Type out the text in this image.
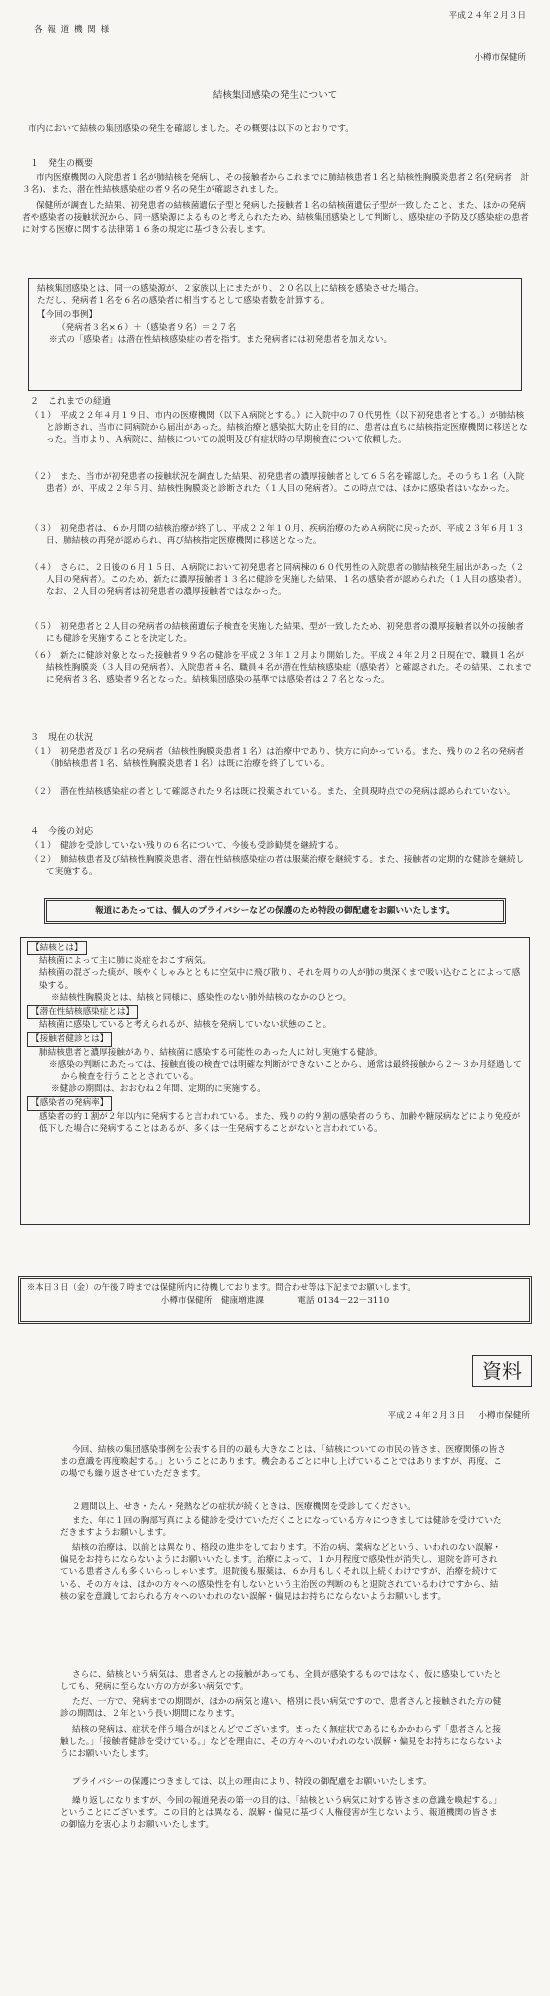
平成２４年２月３日
各 報 道 機 関 様
小樽市保健所
結核集団感染の発生について
市内において結核の集団感染の発生を確認しました。その概要は以下のとおりです。
１　発生の概要
市内医療機関の入院患者１名が肺結核を発病し、その接触者からこれまでに肺結核患者１名と結核性胸膜炎患者２名(発病者　計３名)、また、潜在性結核感染症の者９名の発生が確認されました。
保健所が調査した結果、初発患者の結核菌遺伝子型と発病した接触者１名の結核菌遺伝子型が一致したこと、また、ほかの発病者や感染者の接触状況から、同一感染源によるものと考えられたため、結核集団感染として判断し、感染症の予防及び感染症の患者に対する医療に関する法律第１６条の規定に基づき公表します。
結核集団感染とは、同一の感染源が、２家族以上にまたがり、２０名以上に結核を感染させた場合。
ただし、発病者１名を６名の感染者に相当するとして感染者数を計算する。
【今回の事例】
（発病者３名×６）＋（感染者９名）＝２７名
※式の「感染者」は潜在性結核感染症の者を指す。また発病者には初発患者を加えない。
２　これまでの経過
（１）　平成２２年４月１９日、市内の医療機関（以下Ａ病院とする。）に入院中の７０代男性（以下初発患者とする。）が肺結核と診断され、当市に同病院から届出があった。結核治療と感染拡大防止を目的に、患者は直ちに結核指定医療機関に移送となった。当市より、Ａ病院に、結核についての説明及び有症状時の早期検査について依頼した。
（２）　また、当市が初発患者の接触状況を調査した結果、初発患者の濃厚接触者として６５名を確認した。そのうち１名（入院患者）が、平成２２年５月、結核性胸膜炎と診断された（１人目の発病者）。この時点では、ほかに感染者はいなかった。
（３）　初発患者は、６か月間の結核治療が終了し、平成２２年１０月、疾病治療のためＡ病院に戻ったが、平成２３年６月１３日、肺結核の再発が認められ、再び結核指定医療機関に移送となった。
（４）　さらに、２日後の６月１５日、Ａ病院において初発患者と同病棟の６０代男性の入院患者の肺結核発生届出があった（２人目の発病者）。このため、新たに濃厚接触者１３名に健診を実施した結果、１名の感染者が認められた（１人目の感染者）。なお、２人目の発病者は初発患者の濃厚接触者ではなかった。
（５）　初発患者と２人目の発病者の結核菌遺伝子検査を実施した結果、型が一致したため、初発患者の濃厚接触者以外の接触者にも健診を実施することを決定した。
（６）　新たに健診対象となった接触者９９名の健診を平成２３年１２月より開始した。平成２４年２月２日現在で、職員１名が結核性胸膜炎（３人目の発病者）、入院患者４名、職員４名が潜在性結核感染症（感染者）と確認された。その結果、これまでに発病者３名、感染者９名となった。結核集団感染の基準では感染者は２７名となった。
３　現在の状況
（１）　初発患者及び１名の発病者（結核性胸膜炎患者１名）は治療中であり、快方に向かっている。また、残りの２名の発病者（肺結核患者１名、結核性胸膜炎患者１名）は既に治療を終了している。
（２）　潜在性結核感染症の者として確認された９名は既に投薬されている。また、全員現時点での発病は認められていない。
４　今後の対応
（１）　健診を受診していない残りの６名について、今後も受診勧奨を継続する。
（２）　肺結核患者及び結核性胸膜炎患者、潜在性結核感染症の者は服薬治療を継続する。また、接触者の定期的な健診を継続して実施する。
報道にあたっては、個人のプライバシーなどの保護のため特段の御配慮をお願いいたします。
【結核とは】
結核菌によって主に肺に炎症をおこす病気。
結核菌の混ざった痰が、咳やくしゃみとともに空気中に飛び散り、それを周りの人が肺の奥深くまで吸い込むことによって感染する。
※結核性胸膜炎とは、結核と同様に、感染性のない肺外結核のなかのひとつ。
【潜在性結核感染症とは】
結核菌に感染していると考えられるが、結核を発病していない状態のこと。
【接触者健診とは】
肺結核患者と濃厚接触があり、結核菌に感染する可能性のあった人に対し実施する健診。
※感染の判断にあたっては、接触直後の検査では明確な判断ができないことから、通常は最終接触から２～３か月経過してから検査を行うこととされている。
※健診の期間は、おおむね２年間、定期的に実施する。
【感染者の発病率】
感染者の約１割が２年以内に発病すると言われている。また、残りの約９割の感染者のうち、加齢や糖尿病などにより免疫が低下した場合に発病することはあるが、多くは一生発病することがないと言われている。
※本日３日（金）の午後７時までは保健所内に待機しております。問合わせ等は下記までお願いします。
小樽市保健所　健康増進課	電話 0134－22－3110
資料
平成２４年２月３日 小樽市保健所
今回、結核の集団感染事例を公表する目的の最も大きなことは、「結核についての市民の皆さま、医療関係の皆さまの意識を再度喚起する。」ということにあります。機会あるごとに申し上げていることではありますが、再度、この場でも繰り返させていただきます。
２週間以上、せき・たん・発熱などの症状が続くときは、医療機関を受診してください。
また、年に１回の胸部写真による健診を受けていただくことになっている方々につきましては健診を受けていただきますようお願いします。
結核の治療は、以前とは異なり、格段の進歩をしております。不治の病、業病などという、いわれのない誤解・偏見をお持ちにならないようにお願いいたします。治療によって、１か月程度で感染性が消失し、退院を許可されている患者さんも多くいらっしゃいます。退院後も服薬は、６か月もしくそれ以上続くわけですが、治療を続けている、その方々は、ほかの方々への感染性を有しないという主治医の判断のもと退院されているわけですから、結核の家を意識しておられる方々へのいわれのない誤解・偏見はお持ちにならないようお願いします。
さらに、結核という病気は、患者さんとの接触があっても、全員が感染するものではなく、仮に感染していたとしても、発病に至らない方の方が多い病気です。
ただ、一方で、発病までの期間が、ほかの病気と違い、格別に長い病気ですので、患者さんと接触された方の健診の期間は、２年という長い期間になります。
結核の発病は、症状を伴う場合がほとんどでございます。まったく無症状であるにもかかわらず「患者さんと接触した。」「接触者健診を受けている。」などを理由に、その方々へのいわれのない誤解・偏見をお持ちにならないようにお願いいたします。
プライバシーの保護につきましては、以上の理由により、特段の御配慮をお願いいたします。
繰り返しになりますが、今回の報道発表の第一の目的は、「結核という病気に対する皆さまの意識を喚起する。」ということにございます。この目的とは異なる、誤解・偏見に基づく人権侵害が生じないよう、報道機関の皆さまの御協力を衷心よりお願いいたします。
